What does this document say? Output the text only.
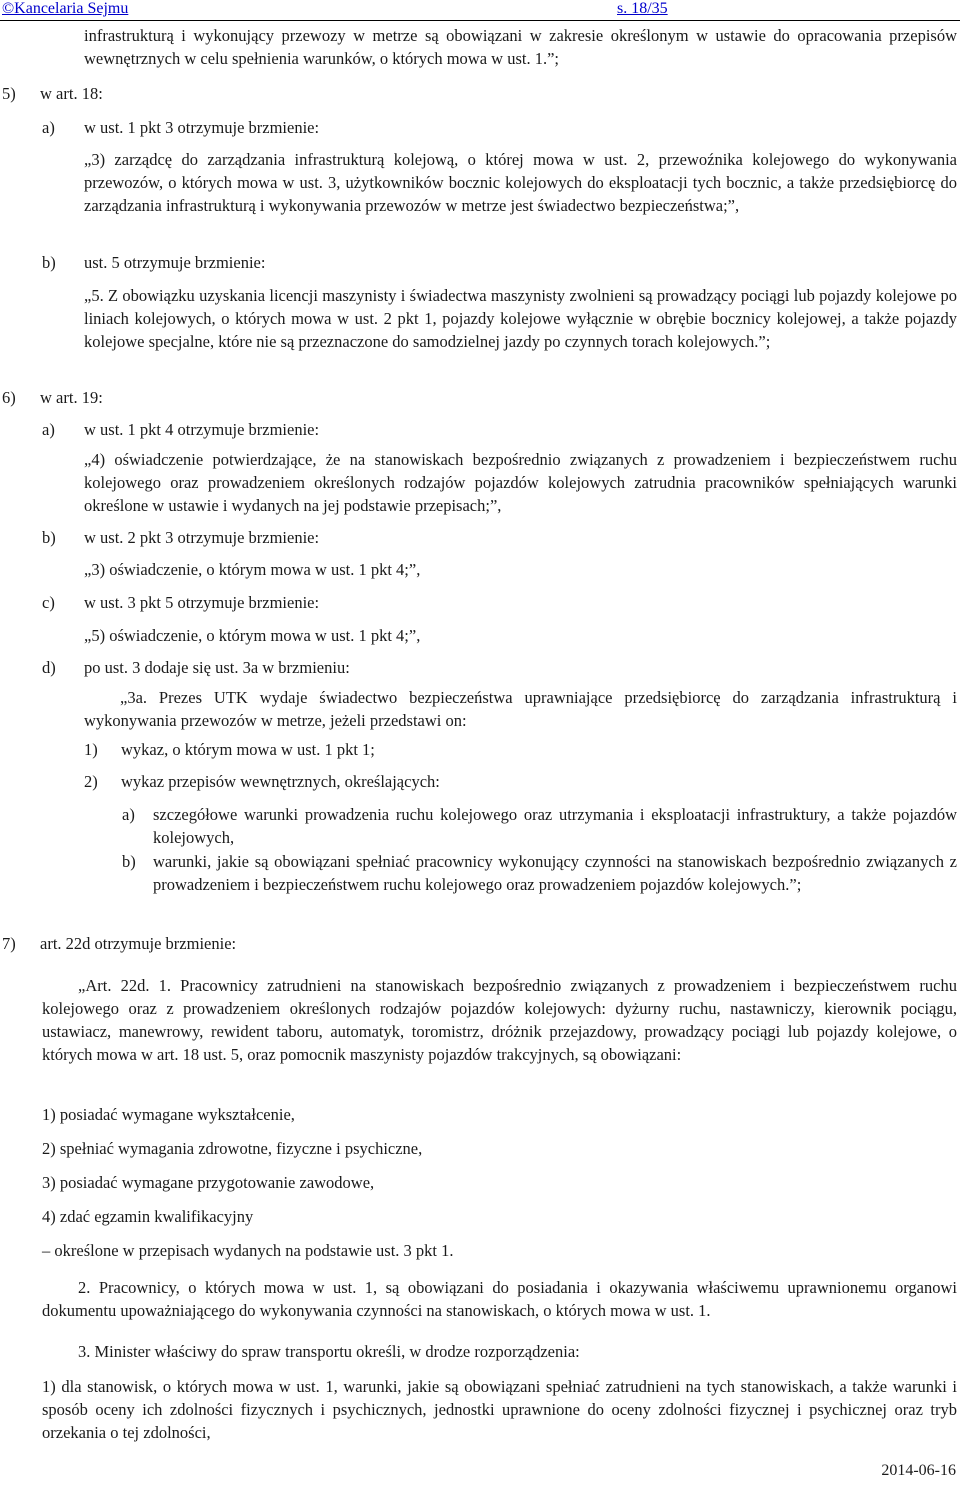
©Kancelaria Sejmu	s. 18/35
infrastrukturą i wykonujący przewozy w metrze są obowiązani w zakresie określonym w ustawie do opracowania przepisów wewnętrznych w celu spełnienia warunków, o których mowa w ust. 1.”;
5) w art. 18:
a) w ust. 1 pkt 3 otrzymuje brzmienie:
„3) zarządcę do zarządzania infrastrukturą kolejową, o której mowa w ust. 2, przewoźnika kolejowego do wykonywania przewozów, o których mowa w ust. 3, użytkowników bocznic kolejowych do eksploatacji tych bocznic, a także przedsiębiorcę do zarządzania infrastrukturą i wykonywania przewozów w metrze jest świadectwo bezpieczeństwa;”,
b) ust. 5 otrzymuje brzmienie:
„5. Z obowiązku uzyskania licencji maszynisty i świadectwa maszynisty zwolnieni są prowadzący pociągi lub pojazdy kolejowe po liniach kolejowych, o których mowa w ust. 2 pkt 1, pojazdy kolejowe wyłącznie w obrębie bocznicy kolejowej, a także pojazdy kolejowe specjalne, które nie są przeznaczone do samodzielnej jazdy po czynnych torach kolejowych.”;
6) w art. 19:
a) w ust. 1 pkt 4 otrzymuje brzmienie:
„4) oświadczenie potwierdzające, że na stanowiskach bezpośrednio związanych z prowadzeniem i bezpieczeństwem ruchu kolejowego oraz prowadzeniem określonych rodzajów pojazdów kolejowych zatrudnia pracowników spełniających warunki określone w ustawie i wydanych na jej podstawie przepisach;”,
b) w ust. 2 pkt 3 otrzymuje brzmienie:
„3) oświadczenie, o którym mowa w ust. 1 pkt 4;”,
c) w ust. 3 pkt 5 otrzymuje brzmienie:
„5) oświadczenie, o którym mowa w ust. 1 pkt 4;”,
d) po ust. 3 dodaje się ust. 3a w brzmieniu:
„3a. Prezes UTK wydaje świadectwo bezpieczeństwa uprawniające przedsiębiorcę do zarządzania infrastrukturą i wykonywania przewozów w metrze, jeżeli przedstawi on:
1) wykaz, o którym mowa w ust. 1 pkt 1;
2) wykaz przepisów wewnętrznych, określających:
a) szczegółowe warunki prowadzenia ruchu kolejowego oraz utrzymania i eksploatacji infrastruktury, a także pojazdów kolejowych,
b) warunki, jakie są obowiązani spełniać pracownicy wykonujący czynności na stanowiskach bezpośrednio związanych z prowadzeniem i bezpieczeństwem ruchu kolejowego oraz prowadzeniem pojazdów kolejowych.”;
7) art. 22d otrzymuje brzmienie:
„Art. 22d. 1. Pracownicy zatrudnieni na stanowiskach bezpośrednio związanych z prowadzeniem i bezpieczeństwem ruchu kolejowego oraz z prowadzeniem określonych rodzajów pojazdów kolejowych: dyżurny ruchu, nastawniczy, kierownik pociągu, ustawiacz, manewrowy, rewident taboru, automatyk, toromistrz, dróżnik przejazdowy, prowadzący pociągi lub pojazdy kolejowe, o których mowa w art. 18 ust. 5, oraz pomocnik maszynisty pojazdów trakcyjnych, są obowiązani:
1) posiadać wymagane wykształcenie,
2) spełniać wymagania zdrowotne, fizyczne i psychiczne,
3) posiadać wymagane przygotowanie zawodowe,
4) zdać egzamin kwalifikacyjny
– określone w przepisach wydanych na podstawie ust. 3 pkt 1.
2. Pracownicy, o których mowa w ust. 1, są obowiązani do posiadania i okazywania właściwemu uprawnionemu organowi dokumentu upoważniającego do wykonywania czynności na stanowiskach, o których mowa w ust. 1.
3. Minister właściwy do spraw transportu określi, w drodze rozporządzenia:
1) dla stanowisk, o których mowa w ust. 1, warunki, jakie są obowiązani spełniać zatrudnieni na tych stanowiskach, a także warunki i sposób oceny ich zdolności fizycznych i psychicznych, jednostki uprawnione do oceny zdolności fizycznej i psychicznej oraz tryb orzekania o tej zdolności,
2014-06-16
